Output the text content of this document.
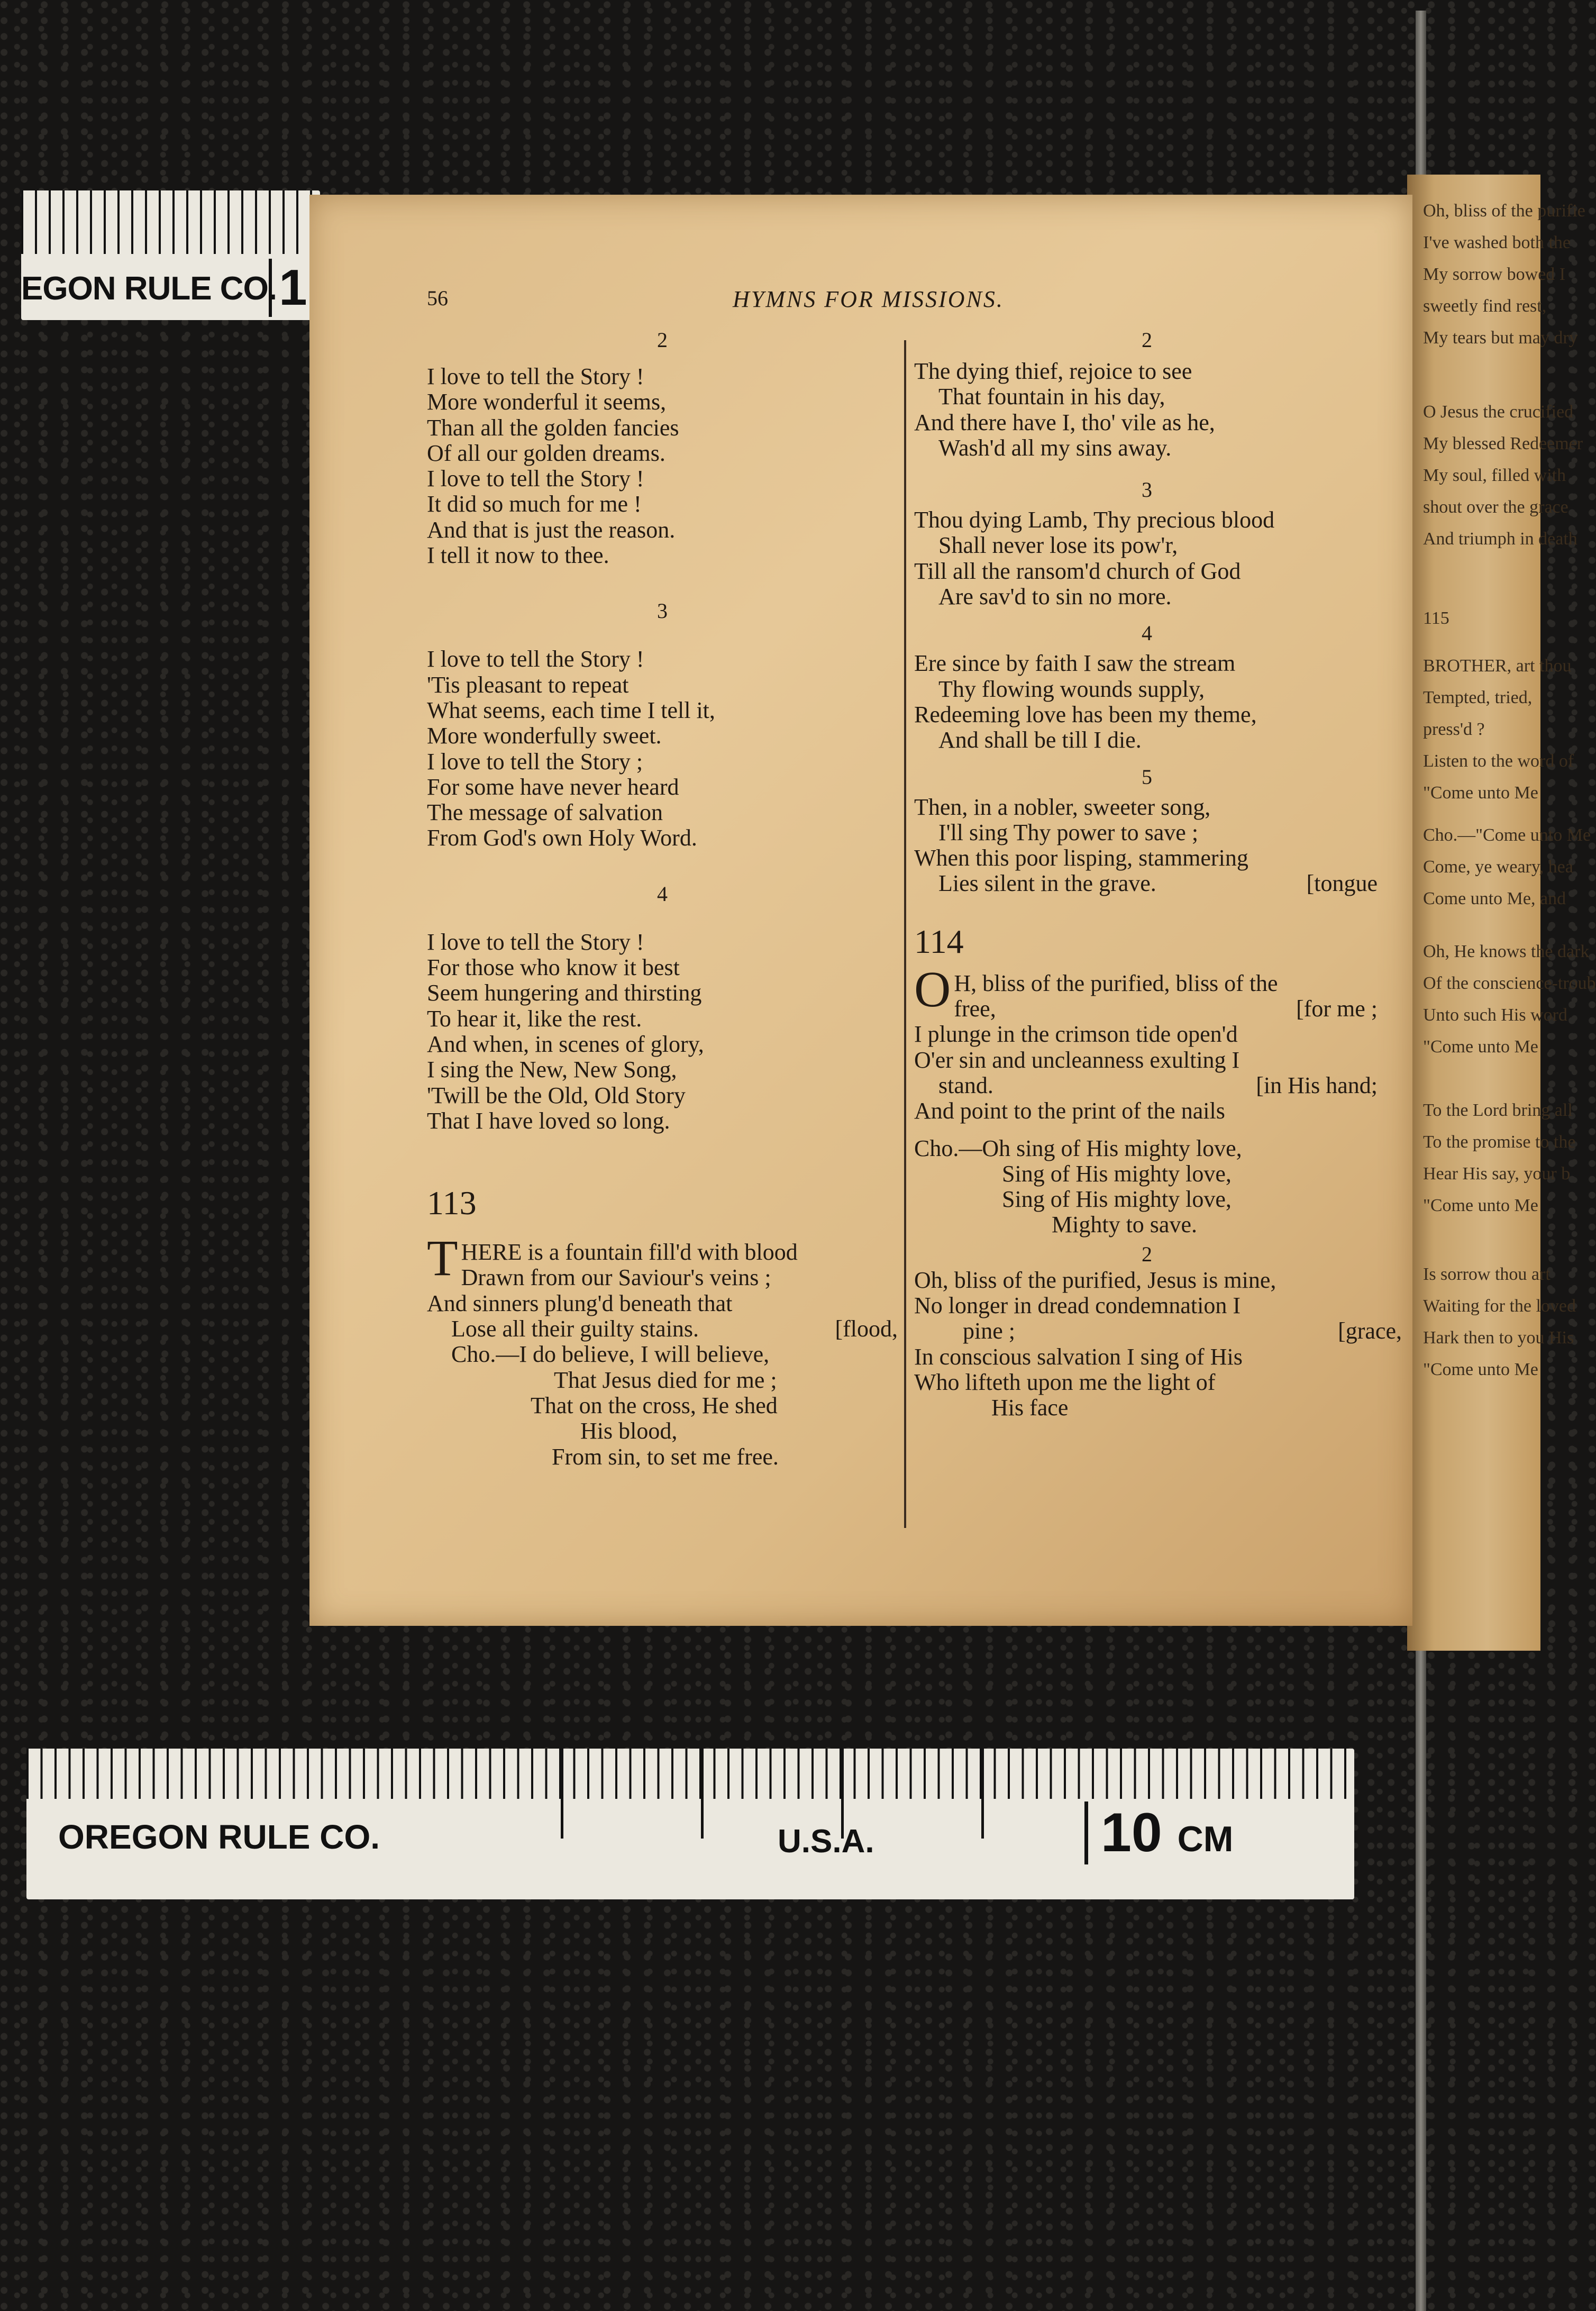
EGON RULE CO. 1
Oh, bliss of the purifie
I've washed both the
My sorrow bowed I
sweetly find rest,
My tears but may dry
O Jesus the crucified
My blessed Redeemer
My soul, filled with
shout over the grace
And triumph in death
115
BROTHER, art thou
Tempted, tried,
press'd ?
Listen to the word of
"Come unto Me
Cho.—"Come unto Me
Come, ye weary, hea
Come unto Me, and
Oh, He knows the dark
Of the conscience-troub
Unto such His word
"Come unto Me
To the Lord bring all
To the promise to the
Hear His say, your b
"Come unto Me
Is sorrow thou art
Waiting for the loved
Hark then to you His
"Come unto Me
56	HYMNS FOR MISSIONS.
2
I love to tell the Story !
More wonderful it seems,
Than all the golden fancies
Of all our golden dreams.
I love to tell the Story !
It did so much for me !
And that is just the reason.
I tell it now to thee.
3
I love to tell the Story !
'Tis pleasant to repeat
What seems, each time I tell it,
More wonderfully sweet.
I love to tell the Story ;
For some have never heard
The message of salvation
From God's own Holy Word.
4
I love to tell the Story !
For those who know it best
Seem hungering and thirsting
To hear it, like the rest.
And when, in scenes of glory,
I sing the New, New Song,
'Twill be the Old, Old Story
That I have loved so long.
113
THERE is a fountain fill'd with blood
Drawn from our Saviour's veins ;
And sinners plung'd beneath that
Lose all their guilty stains.	[flood,
Cho.—I do believe, I will believe,
That Jesus died for me ;
That on the cross, He shed
His blood,
From sin, to set me free.
2
The dying thief, rejoice to see
That fountain in his day,
And there have I, tho' vile as he,
Wash'd all my sins away.
3
Thou dying Lamb, Thy precious blood
Shall never lose its pow'r,
Till all the ransom'd church of God
Are sav'd to sin no more.
4
Ere since by faith I saw the stream
Thy flowing wounds supply,
Redeeming love has been my theme,
And shall be till I die.
5
Then, in a nobler, sweeter song,
I'll sing Thy power to save ;
When this poor lisping, stammering
Lies silent in the grave.	[tongue
114
O H, bliss of the purified, bliss of the
free,	[for me ;
I plunge in the crimson tide open'd
O'er sin and uncleanness exulting I
stand.	[in His hand;
And point to the print of the nails
Cho.—Oh sing of His mighty love,
Sing of His mighty love,
Sing of His mighty love,
Mighty to save.
2
Oh, bliss of the purified, Jesus is mine,
No longer in dread condemnation I
pine ;	[grace,
In conscious salvation I sing of His
Who lifteth upon me the light of
His face
OREGON RULE CO.	U.S.A.	10 CM
